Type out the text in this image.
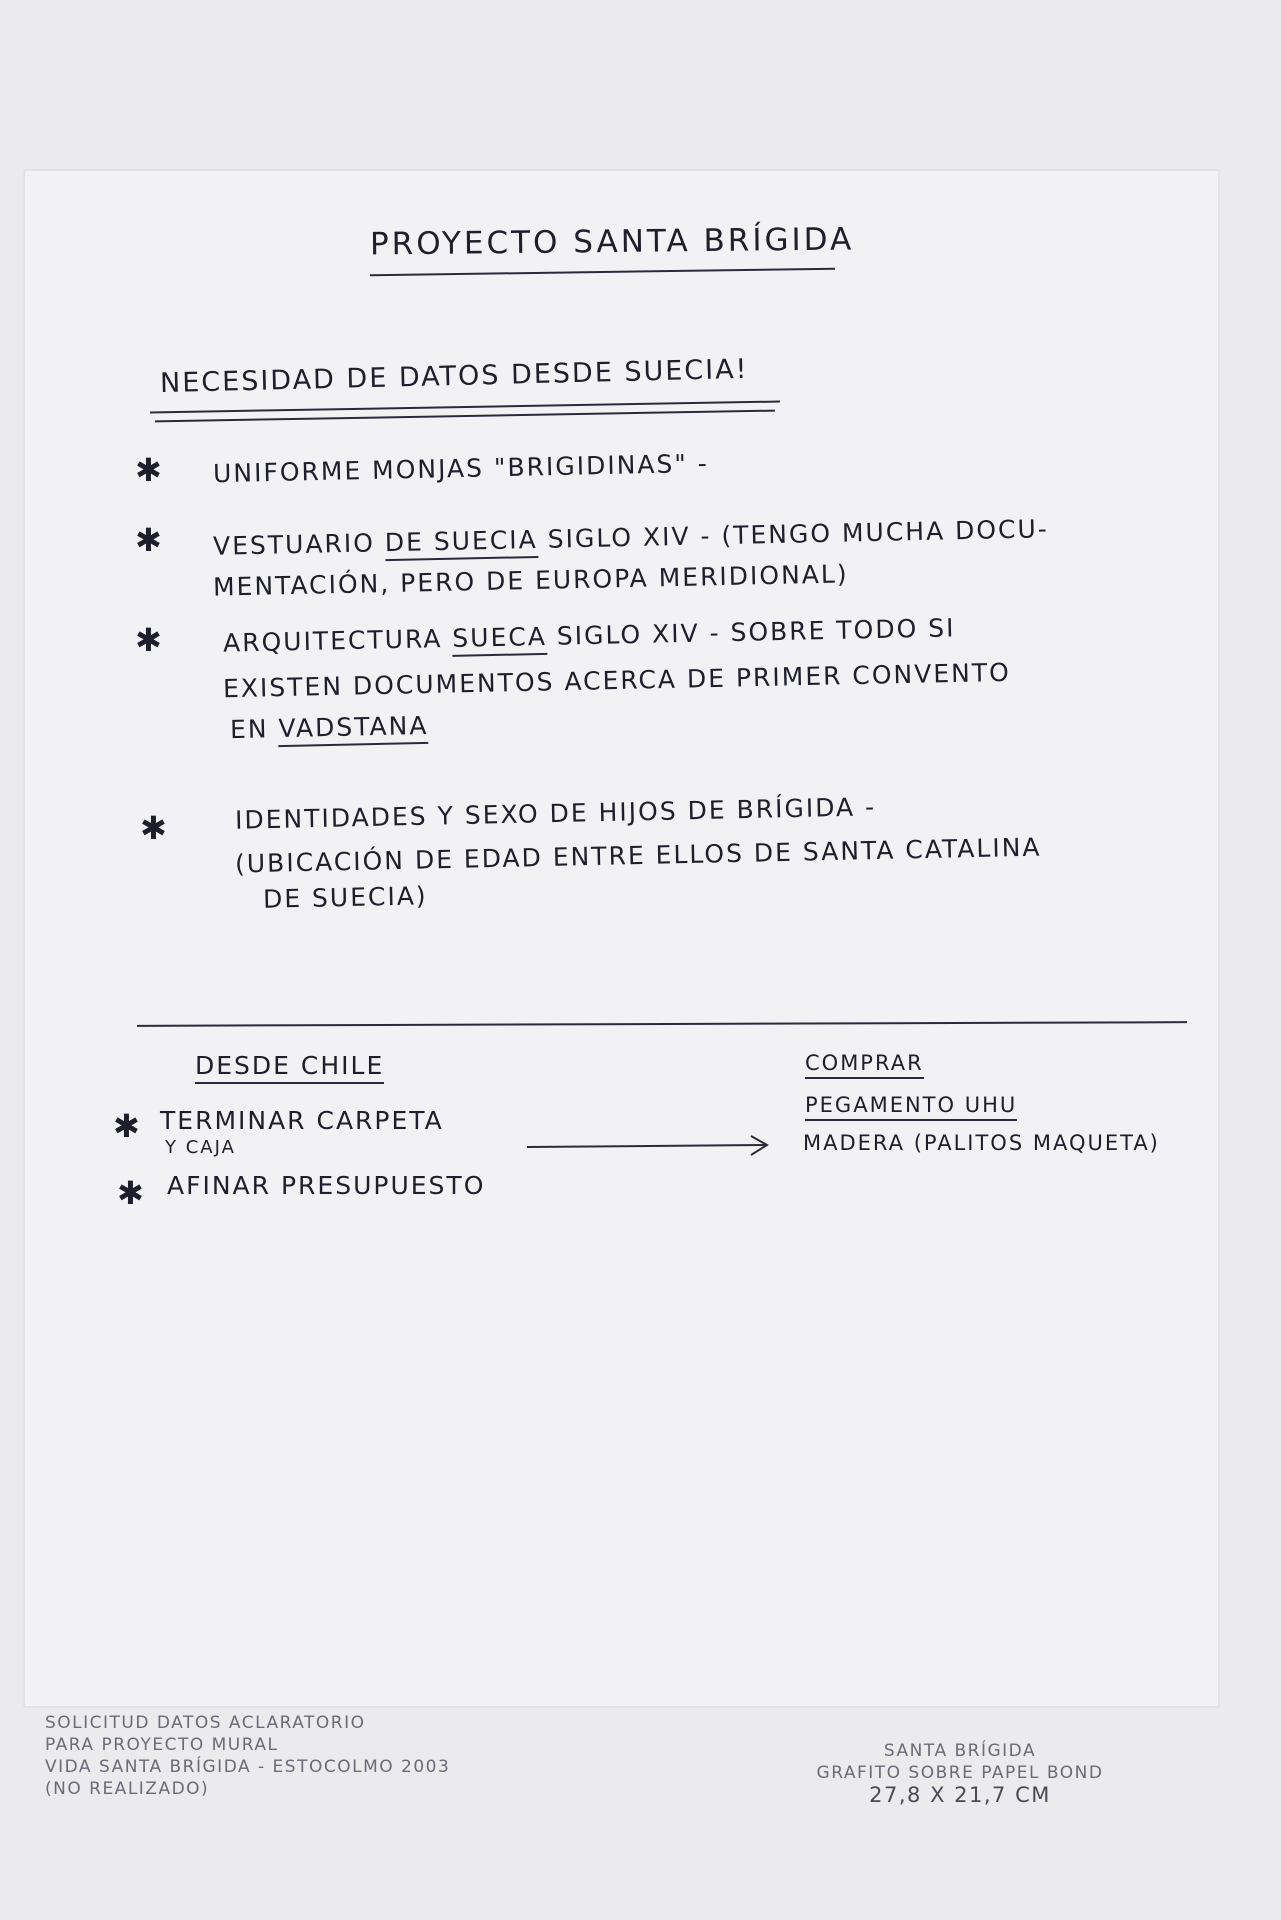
PROYECTO SANTA BRÍGIDA
NECESIDAD DE DATOS DESDE SUECIA!
✱ UNIFORME MONJAS "BRIGIDINAS" -
✱ VESTUARIO DE SUECIA SIGLO XIV - (TENGO MUCHA DOCU-
MENTACIÓN, PERO DE EUROPA MERIDIONAL)
✱ ARQUITECTURA SUECA SIGLO XIV - SOBRE TODO SI
EXISTEN DOCUMENTOS ACERCA DE PRIMER CONVENTO
EN VADSTANA
✱	IDENTIDADES Y SEXO DE HIJOS DE BRÍGIDA -
(UBICACIÓN DE EDAD ENTRE ELLOS DE SANTA CATALINA
DE SUECIA)
DESDE CHILE
✱ TERMINAR CARPETA
Y CAJA
✱ AFINAR PRESUPUESTO
COMPRAR
PEGAMENTO UHU
MADERA (PALITOS MAQUETA)
SOLICITUD DATOS ACLARATORIO
PARA PROYECTO MURAL
VIDA SANTA BRÍGIDA - ESTOCOLMO 2003
(NO REALIZADO)
SANTA BRÍGIDA
GRAFITO SOBRE PAPEL BOND
27,8 X 21,7 CM
